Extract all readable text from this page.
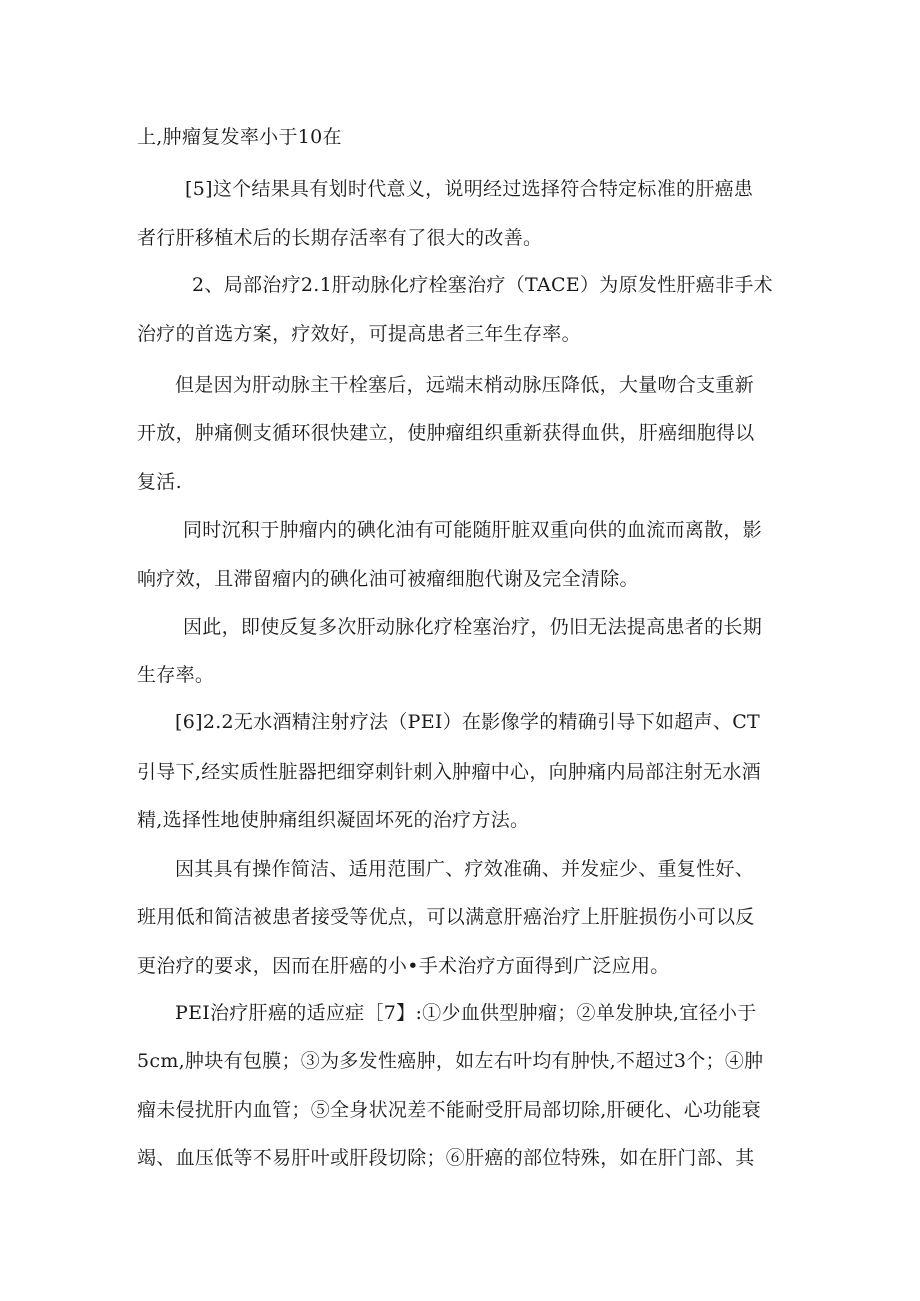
上,肿瘤复发率小于10在
[5]这个结果具有划时代意义，说明经过选择符合特定标准的肝癌患
者行肝移植术后的长期存活率有了很大的改善。
2、局部治疗2.1肝动脉化疗栓塞治疗（TACE）为原发性肝癌非手术
治疗的首选方案，疗效好，可提高患者三年生存率。
但是因为肝动脉主干栓塞后，远端末梢动脉压降低，大量吻合支重新
开放，肿痛侧支循环很快建立，使肿瘤组织重新获得血供，肝癌细胞得以
复活.
同时沉积于肿瘤内的碘化油有可能随肝脏双重向供的血流而离散，影
响疗效，且滞留瘤内的碘化油可被瘤细胞代谢及完全清除。
因此，即使反复多次肝动脉化疗栓塞治疗，仍旧无法提高患者的长期
生存率。
[6]2.2无水酒精注射疗法（PEI）在影像学的精确引导下如超声、CT
引导下,经实质性脏器把细穿刺针刺入肿瘤中心，向肿痛内局部注射无水酒
精,选择性地使肿痛组织凝固坏死的治疗方法。
因其具有操作简洁、适用范围广、疗效准确、并发症少、重复性好、
班用低和简洁被患者接受等优点，可以满意肝癌治疗上肝脏损伤小可以反
更治疗的要求，因而在肝癌的小•手术治疗方面得到广泛应用。
PEI治疗肝癌的适应症［7】:①少血供型肿瘤；②单发肿块,宜径小于
5cm,肿块有包膜；③为多发性癌肿，如左右叶均有肿快,不超过3个；④肿
瘤未侵扰肝内血管；⑤全身状况差不能耐受肝局部切除,肝硬化、心功能衰
竭、血压低等不易肝叶或肝段切除；⑥肝癌的部位特殊，如在肝门部、其
